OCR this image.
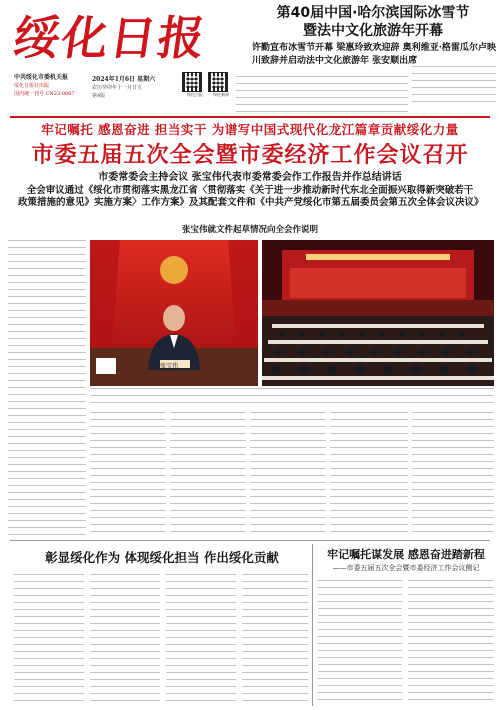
绥化日报
中共绥化市委机关报
绥化日报社出版
国内统一刊号 CN23-0067
2024年1月6日 星期六
农历癸卯年十一月廿五
第4版	绥化日报	绥化新闻
第40届中国·哈尔滨国际冰雪节
暨法中文化旅游年开幕
许勤宣布冰雪节开幕 梁惠玲致欢迎辞 奥利维亚·格雷瓜尔卢映川致辞并启动法中文化旅游年 张安顺出席
牢记嘱托 感恩奋进 担当实干 为谱写中国式现代化龙江篇章贡献绥化力量
市委五届五次全会暨市委经济工作会议召开
市委常委会主持会议 张宝伟代表市委常委会作工作报告并作总结讲话
全会审议通过《绥化市贯彻落实黑龙江省〈贯彻落实《关于进一步推动新时代东北全面振兴取得新突破若干
政策措施的意见》实施方案〉工作方案》及其配套文件和《中共产党绥化市第五届委员会第五次全体会议决议》
张宝伟就文件起草情况向全会作说明
张宝伟
彰显绥化作为 体现绥化担当 作出绥化贡献	牢记嘱托谋发展 感恩奋进踏新程
——市委五届五次全会暨市委经济工作会议侧记
